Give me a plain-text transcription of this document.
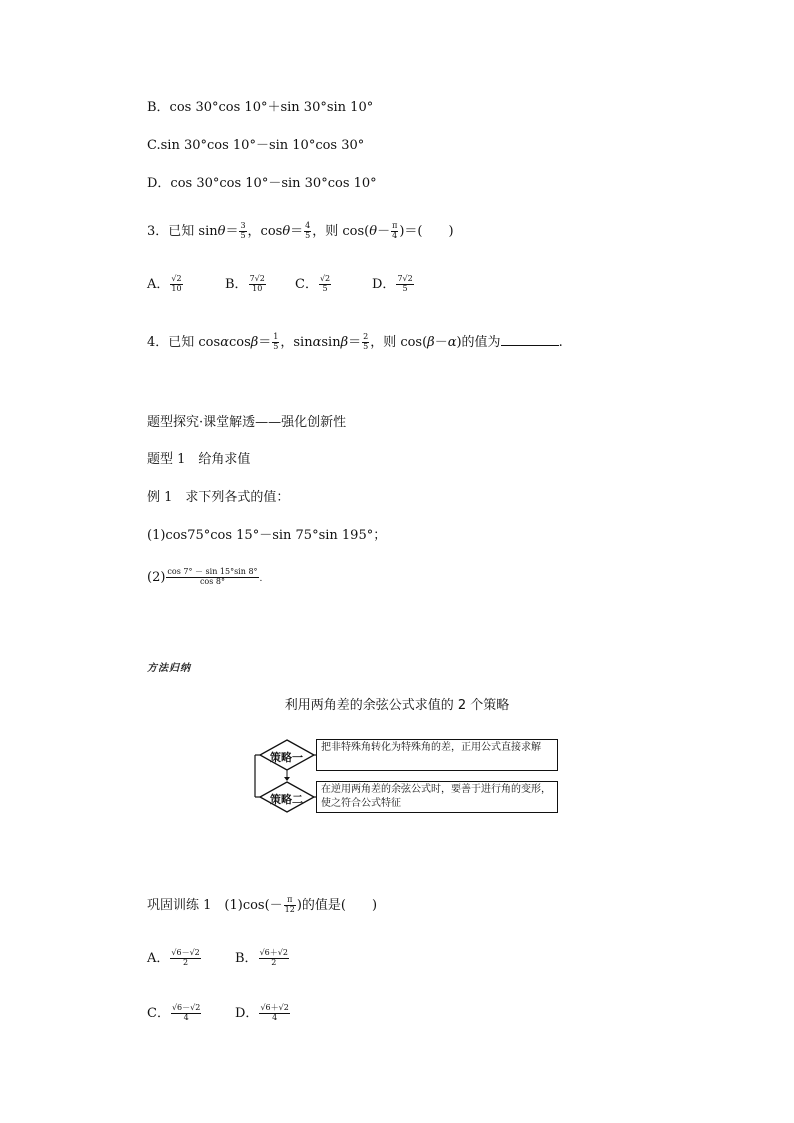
B．cos 30°cos 10°＋sin 30°sin 10°
C.sin 30°cos 10°－sin 10°cos 30°
D．cos 30°cos 10°－sin 30°cos 10°
3．已知 $\sin\theta= \frac{3}{5}$ ，$\cos\theta= \frac{4}{5}$ ，则 $\cos(\theta- \frac{\pi}{4}$ )＝(　　)
A． $\frac{√2}{10}$	B． $\frac{7√2}{10}$ C． $\frac{√2}{5}$	D． $\frac{7√2}{5}$
4．已知 $\cos\alpha\cos\beta= \frac{1}{5}$ ，$\sin\alpha\sin\beta= \frac{2}{5}$ ，则 cos(β－α)的值为	.
题型探究·课堂解透——强化创新性
题型 1　给角求值
例 1　求下列各式的值：
(1)cos75°cos 15°－sin 75°sin 195°；
$(2) \frac{\cos 7^\circ - \sin 15^\circ\sin 8^\circ}{\cos 8^\circ}$ .
方法归纳
利用两角差的余弦公式求值的 2 个策略
策略一
策略二
把非特殊角转化为特殊角的差，正用公式直接求解
在逆用两角差的余弦公式时，要善于进行角的变形，使之符合公式特征
巩固训练 1　$(1)\cos(- \frac{\pi}{12}$ )的值是(　　)
A． $\frac{√6-√2}{2}$	B． $\frac{√6+√2}{2}$
C． $\frac{√6-√2}{4}$	D． $\frac{√6+√2}{4}$
